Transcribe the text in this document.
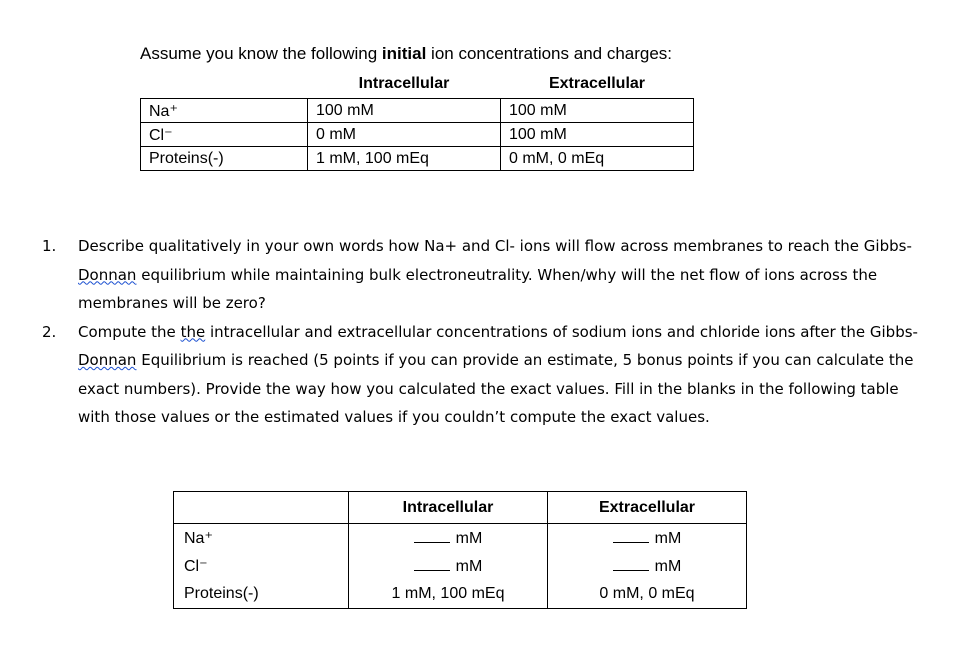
Assume you know the following initial ion concentrations and charges:
	Intracellular	Extracellular
Na⁺	100 mM	100 mM
Cl⁻	0 mM	100 mM
Proteins(-)	1 mM, 100 mEq	0 mM, 0 mEq
1. Describe qualitatively in your own words how Na+ and Cl- ions will flow across membranes to reach the Gibbs-Donnan equilibrium while maintaining bulk electroneutrality. When/why will the net flow of ions across the membranes will be zero?
2. Compute the the intracellular and extracellular concentrations of sodium ions and chloride ions after the Gibbs-Donnan Equilibrium is reached (5 points if you can provide an estimate, 5 bonus points if you can calculate the exact numbers). Provide the way how you calculated the exact values. Fill in the blanks in the following table with those values or the estimated values if you couldn’t compute the exact values.
	Intracellular	Extracellular
Na⁺	mM	mM
Cl⁻	mM	mM
Proteins(-)	1 mM, 100 mEq	0 mM, 0 mEq
